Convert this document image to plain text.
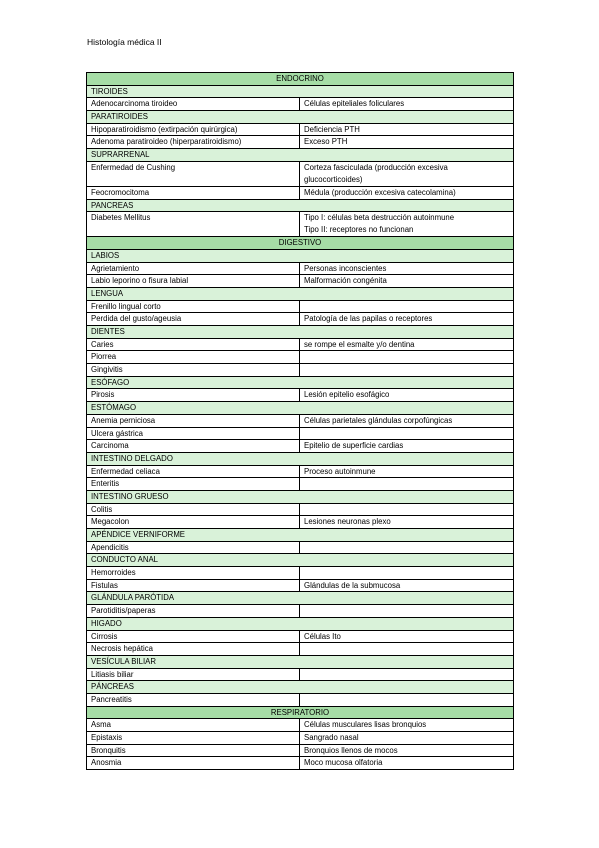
Histología médica II
ENDOCRINO	
TIROIDES	
Adenocarcinoma tiroideo	Células epiteliales foliculares
PARATIROIDES	
Hipoparatiroidismo (extirpación quirúrgica)	Deficiencia PTH
Adenoma paratiroideo (hiperparatiroidismo)	Exceso PTH
SUPRARRENAL	
Enfermedad de Cushing	Corteza fasciculada (producción excesiva
glucocorticoides)

Feocromocitoma	Médula (producción excesiva catecolamina)
PANCREAS	
Diabetes Mellitus	Tipo I: células beta destrucción autoinmune
Tipo II: receptores no funcionan

DIGESTIVO	
LABIOS	
Agrietamiento	Personas inconscientes
Labio leporino o fisura labial	Malformación congénita
LENGUA	
Frenillo lingual corto	
Perdida del gusto/ageusia	Patología de las papilas o receptores
DIENTES	
Caries	se rompe el esmalte y/o dentina
Piorrea	
Gingivitis	
ESÓFAGO	
Pirosis	Lesión epitelio esofágico
ESTÓMAGO	
Anemia perniciosa	Células parietales glándulas corpofúngicas
Ulcera gástrica	
Carcinoma	Epitelio de superficie cardias
INTESTINO DELGADO	
Enfermedad celiaca	Proceso autoinmune
Enteritis	
INTESTINO GRUESO	
Colitis	
Megacolon	Lesiones neuronas plexo
APÉNDICE VERNIFORME	
Apendicitis	
CONDUCTO ANAL	
Hemorroides	
Fistulas	Glándulas de la submucosa
GLÁNDULA PARÓTIDA	
Parotiditis/paperas	
HIGADO	
Cirrosis	Células Ito
Necrosis hepática	
VESÍCULA BILIAR	
Litiasis biliar	
PÁNCREAS	
Pancreatitis	
RESPIRATORIO	
Asma	Células musculares lisas bronquios
Epistaxis	Sangrado nasal
Bronquitis	Bronquios llenos de mocos
Anosmia	Moco mucosa olfatoria
